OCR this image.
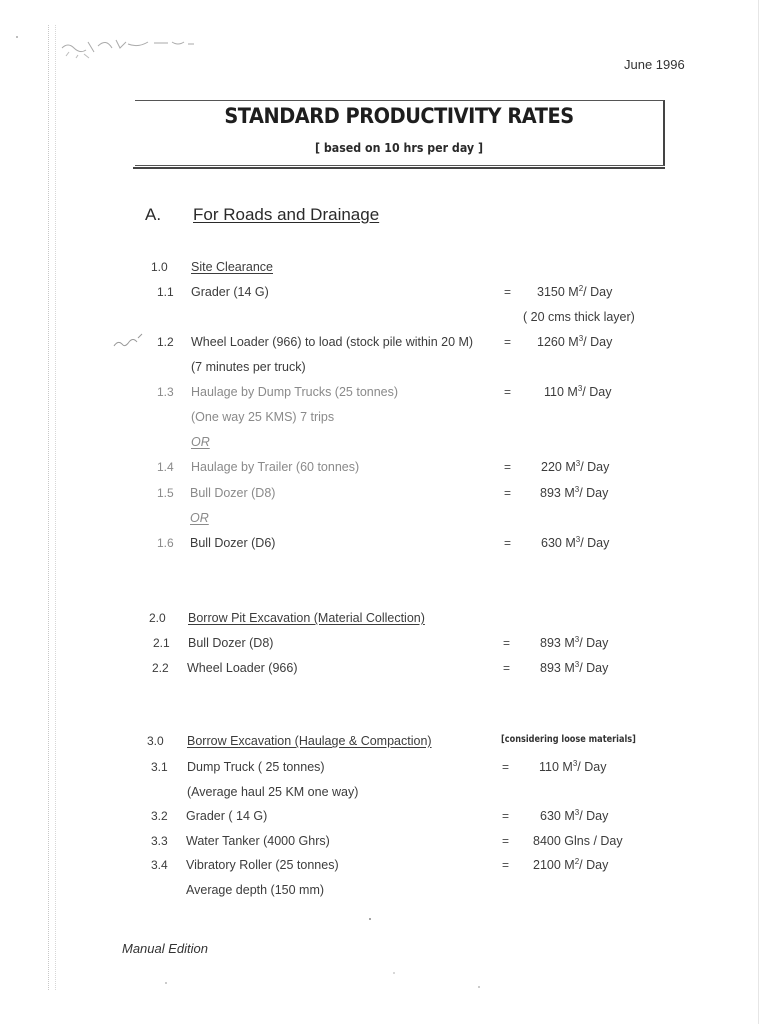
June 1996
STANDARD PRODUCTIVITY RATES
[ based on 10 hrs per day ]
A. For Roads and Drainage
1.0 Site Clearance
1.1 Grader (14 G)	= 3150 $M^2/$ Day
( 20 cms thick layer)
1.2 Wheel Loader (966) to load (stock pile within 20 M)	= 1260 $M^3/$ Day
(7 minutes per truck)
1.3 Haulage by Dump Trucks (25 tonnes)	=	110 $M^3/$ Day
(One way 25 KMS) 7 trips
OR
1.4 Haulage by Trailer (60 tonnes)	= 220 $M^3/$ Day
1.5 Bull Dozer (D8)	= 893 $M^3/$ Day
OR
1.6 Bull Dozer (D6)	= 630 $M^3/$ Day
2.0 Borrow Pit Excavation (Material Collection)
2.1 Bull Dozer (D8)	= 893 $M^3/$ Day
2.2 Wheel Loader (966)	= 893 $M^3/$ Day
3.0 Borrow Excavation (Haulage & Compaction)	[considering loose materials]
3.1 Dump Truck ( 25 tonnes)	= 110 $M^3/$ Day
(Average haul 25 KM one way)
3.2 Grader ( 14 G)	= 630 $M^3/$ Day
3.3 Water Tanker (4000 Ghrs)	= 8400 Glns / Day
3.4 Vibratory Roller (25 tonnes)	= 2100 $M^2/$ Day
Average depth (150 mm)
Manual Edition
